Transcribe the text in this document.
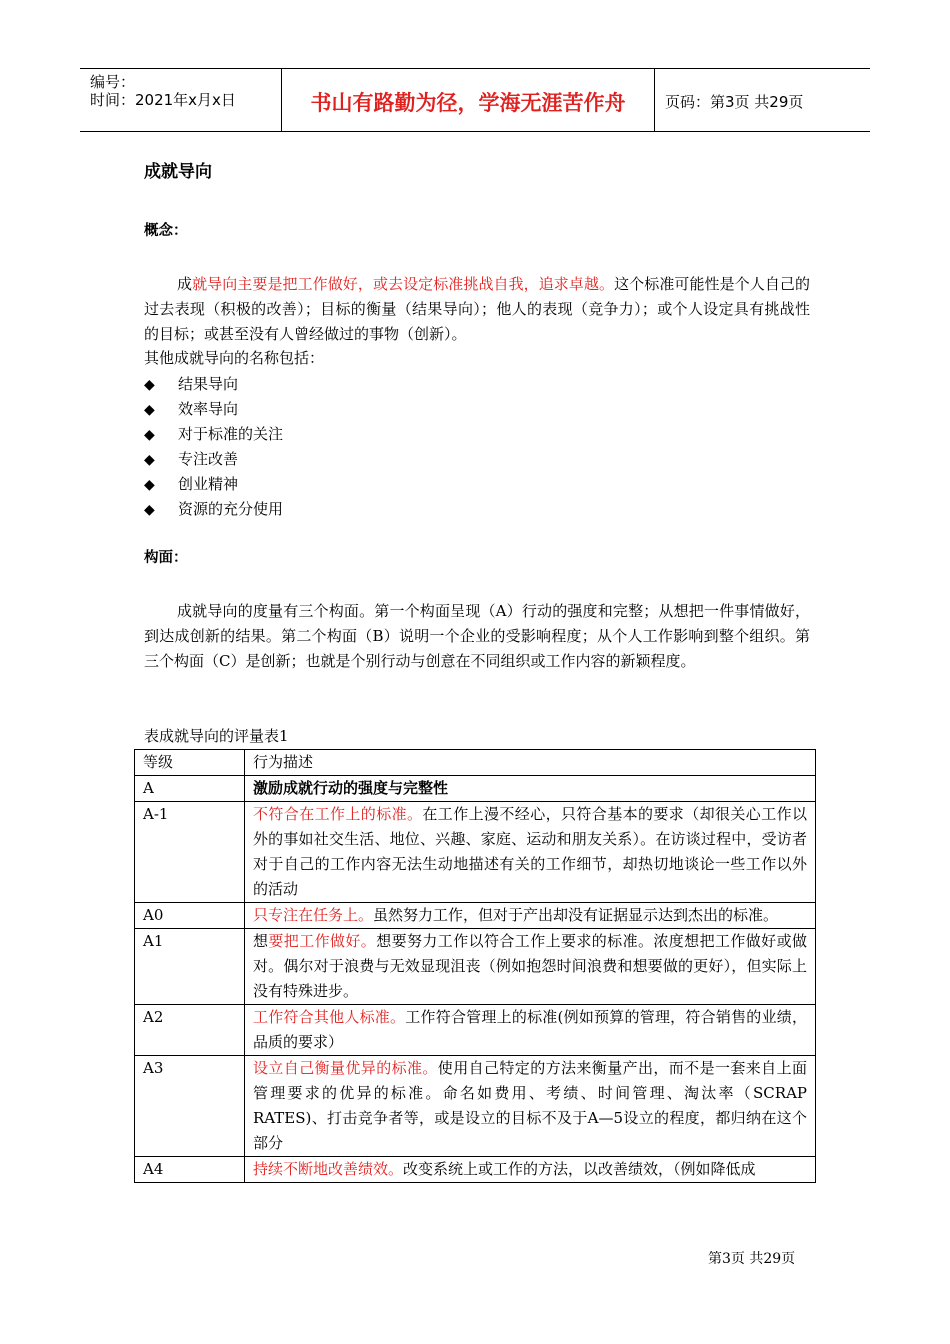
编号：
时间：2021年x月x日	书山有路勤为径，学海无涯苦作舟	页码：第3页 共29页
成就导向
概念：
成就导向主要是把工作做好，或去设定标准挑战自我，追求卓越。这个标准可能性是个人自己的过去表现（积极的改善）；目标的衡量（结果导向）；他人的表现（竞争力）；或个人设定具有挑战性的目标；或甚至没有人曾经做过的事物（创新）。
其他成就导向的名称包括：
◆ 结果导向
◆ 效率导向
◆ 对于标准的关注
◆ 专注改善
◆ 创业精神
◆ 资源的充分使用
构面：
成就导向的度量有三个构面。第一个构面呈现（A）行动的强度和完整；从想把一件事情做好，到达成创新的结果。第二个构面（B）说明一个企业的受影响程度；从个人工作影响到整个组织。第三个构面（C）是创新；也就是个别行动与创意在不同组织或工作内容的新颖程度。
表成就导向的评量表1
等级	行为描述
A	激励成就行动的强度与完整性
A-1	不符合在工作上的标准。在工作上漫不经心，只符合基本的要求（却很关心工作以外的事如社交生活、地位、兴趣、家庭、运动和朋友关系）。在访谈过程中，受访者对于自己的工作内容无法生动地描述有关的工作细节，却热切地谈论一些工作以外的活动
A0	只专注在任务上。虽然努力工作，但对于产出却没有证据显示达到杰出的标准。
A1	想要把工作做好。想要努力工作以符合工作上要求的标准。浓度想把工作做好或做对。偶尔对于浪费与无效显现沮丧（例如抱怨时间浪费和想要做的更好），但实际上没有特殊进步。
A2	工作符合其他人标准。工作符合管理上的标准(例如预算的管理，符合销售的业绩，品质的要求）
A3	设立自己衡量优异的标准。使用自己特定的方法来衡量产出，而不是一套来自上面管理要求的优异的标准。命名如费用、考绩、时间管理、淘汰率（SCRAP RATES)、打击竞争者等，或是设立的目标不及于A—5设立的程度，都归纳在这个部分
A4	持续不断地改善绩效。改变系统上或工作的方法，以改善绩效，（例如降低成
第3页 共29页
